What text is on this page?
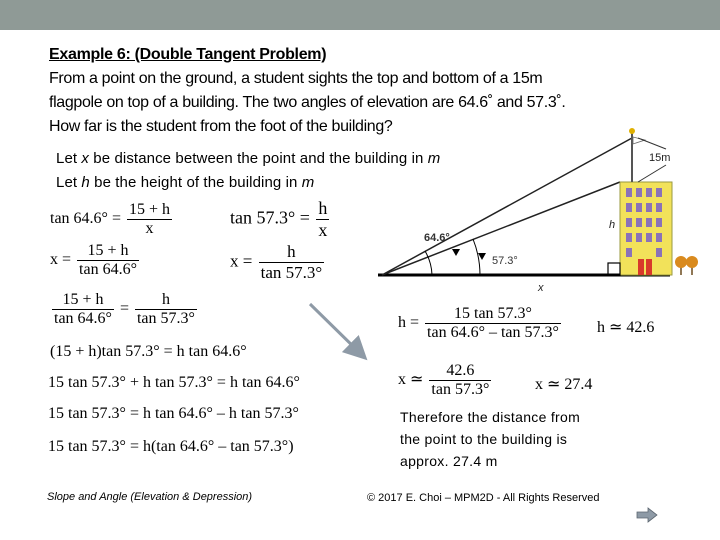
Example 6: (Double Tangent Problem)
From a point on the ground, a student sights the top and bottom of a 15m
flagpole on top of a building. The two angles of elevation are 64.6˚ and 57.3˚.
How far is the student from the foot of the building?
Let x be distance between the point and the building in m
Let h be the height of the building in m
$\tan 64.6^\circ = \frac{15 + h}{x}$	$\tan 57.3^\circ = \frac{h}{x}$
$x = \frac{15 + h}{\tan 64.6^\circ}$	$x = \frac{h}{\tan 57.3^\circ}$
$\frac{15 + h}{\tan 64.6^\circ} = \frac{h}{\tan 57.3^\circ}$
(15 + h)tan 57.3° = h tan 64.6°
15 tan 57.3° + h tan 57.3° = h tan 64.6°
15 tan 57.3° = h tan 64.6° – h tan 57.3°
15 tan 57.3° = h(tan 64.6° – tan 57.3°)
$h = \frac{15 \tan 57.3^\circ}{\tan 64.6^\circ - \tan 57.3^\circ}$ h ≃ 42.6
x ≃ $\frac{42.6}{\tan 57.3^\circ}$	x ≃ 27.4
15m
h
64.6°
57.3°
x
Therefore the distance from
the point to the building is
approx. 27.4 m
Slope and Angle (Elevation & Depression)	© 2017 E. Choi – MPM2D - All Rights Reserved
